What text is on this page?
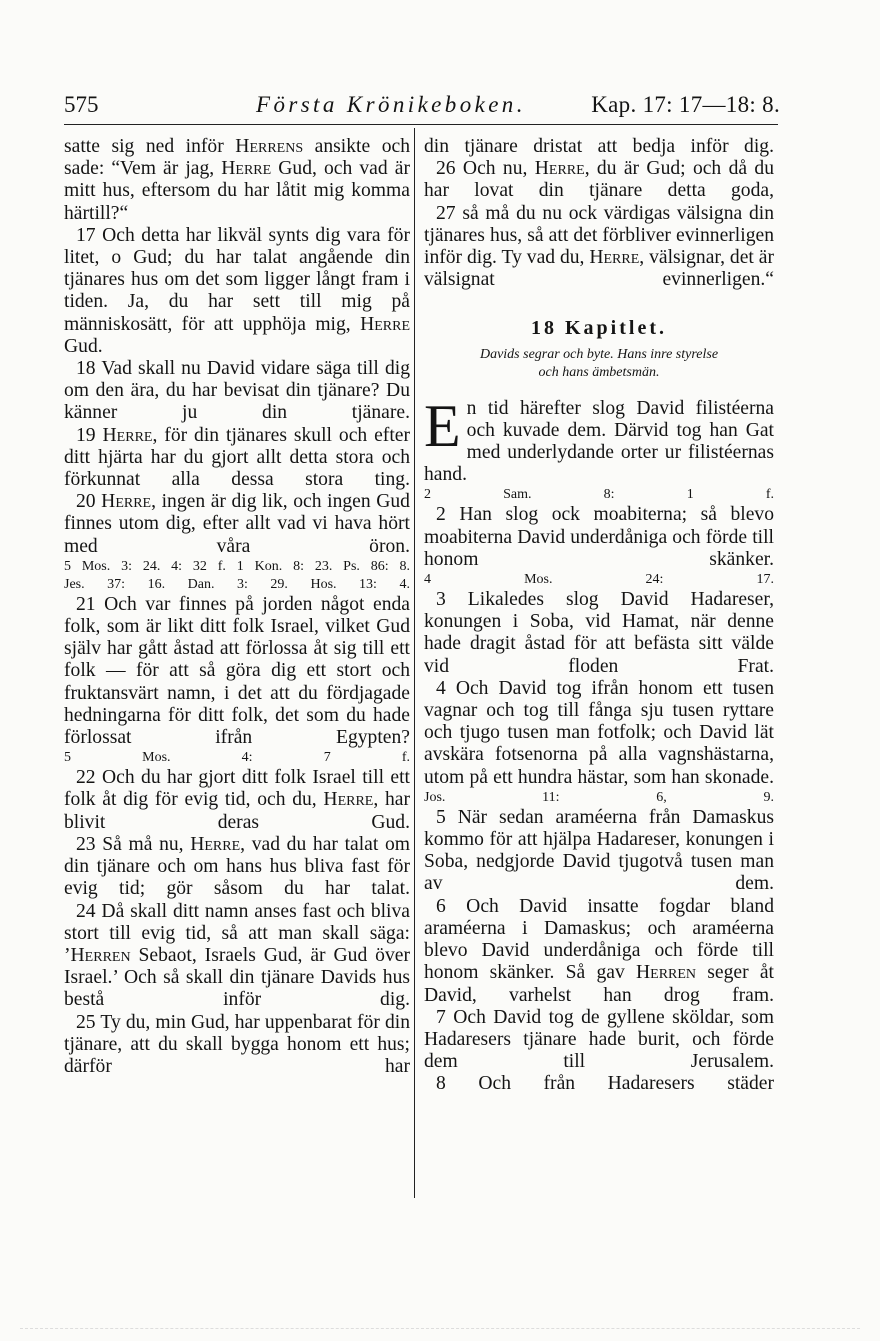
575	Första Krönikeboken.	Kap. 17: 17—18: 8.

satte sig ned inför Herrens ansikte och sade: “Vem är jag, Herre Gud, och vad är mitt hus, eftersom du har låtit mig komma härtill?“

17 Och detta har likväl synts dig vara för litet, o Gud; du har talat angående din tjänares hus om det som ligger långt fram i tiden. Ja, du har sett till mig på människosätt, för att upphöja mig, Herre Gud.

18 Vad skall nu David vidare säga till dig om den ära, du har bevisat din tjänare? Du känner ju din tjänare.

19 Herre, för din tjänares skull och efter ditt hjärta har du gjort allt detta stora och förkunnat alla dessa stora ting.

20 Herre, ingen är dig lik, och ingen Gud finnes utom dig, efter allt vad vi hava hört med våra öron.

5 Mos. 3: 24. 4: 32 f. 1 Kon. 8: 23. Ps. 86: 8.

Jes. 37: 16. Dan. 3: 29. Hos. 13: 4.

21 Och var finnes på jorden något enda folk, som är likt ditt folk Israel, vilket Gud själv har gått åstad att förlossa åt sig till ett folk — för att så göra dig ett stort och fruktansvärt namn, i det att du fördjagade hedningarna för ditt folk, det som du hade förlossat ifrån Egypten?

5 Mos. 4: 7 f.

22 Och du har gjort ditt folk Israel till ett folk åt dig för evig tid, och du, Herre, har blivit deras Gud.

23 Så må nu, Herre, vad du har talat om din tjänare och om hans hus bliva fast för evig tid; gör såsom du har talat.

24 Då skall ditt namn anses fast och bliva stort till evig tid, så att man skall säga: ’Herren Sebaot, Israels Gud, är Gud över Israel.’ Och så skall din tjänare Davids hus bestå inför dig.

25 Ty du, min Gud, har uppenbarat för din tjänare, att du skall bygga honom ett hus; därför har

din tjänare dristat att bedja inför dig.

26 Och nu, Herre, du är Gud; och då du har lovat din tjänare detta goda,

27 så må du nu ock värdigas välsigna din tjänares hus, så att det förbliver evinnerligen inför dig. Ty vad du, Herre, välsignar, det är välsignat evinnerligen.“

18 Kapitlet.
Davids segrar och byte. Hans inre styrelse
och hans ämbetsmän.

En tid härefter slog David filistéerna och kuvade dem. Därvid tog han Gat med underlydande orter ur filistéernas hand.

2 Sam. 8: 1 f.

2 Han slog ock moabiterna; så blevo moabiterna David underdåniga och förde till honom skänker.

4 Mos. 24: 17.

3 Likaledes slog David Hadareser, konungen i Soba, vid Hamat, när denne hade dragit åstad för att befästa sitt välde vid floden Frat.

4 Och David tog ifrån honom ett tusen vagnar och tog till fånga sju tusen ryttare och tjugo tusen man fotfolk; och David lät avskära fotsenorna på alla vagnshästarna, utom på ett hundra hästar, som han skonade.

Jos. 11: 6, 9.

5 När sedan araméerna från Damaskus kommo för att hjälpa Hadareser, konungen i Soba, nedgjorde David tjugotvå tusen man av dem.

6 Och David insatte fogdar bland araméerna i Damaskus; och araméerna blevo David underdåniga och förde till honom skänker. Så gav Herren seger åt David, varhelst han drog fram.

7 Och David tog de gyllene sköldar, som Hadaresers tjänare hade burit, och förde dem till Jerusalem.

8 Och från Hadaresers städer
